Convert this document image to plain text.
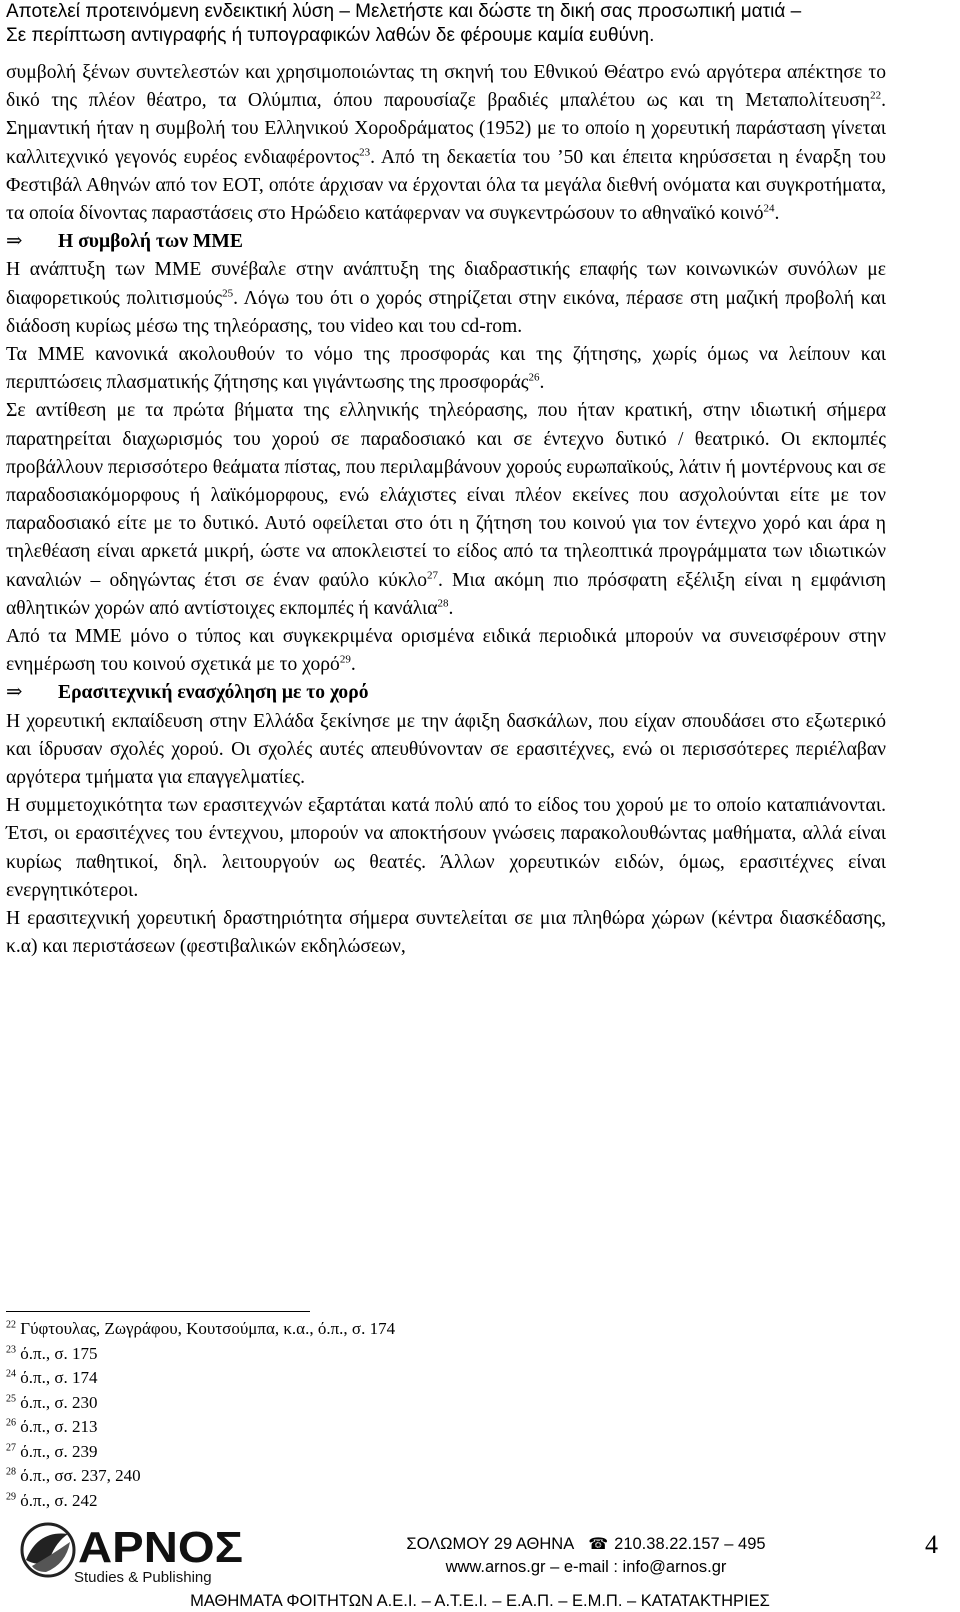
Αποτελεί προτεινόμενη ενδεικτική λύση – Μελετήστε και δώστε τη δική σας προσωπική ματιά –
Σε περίπτωση αντιγραφής ή τυπογραφικών λαθών δε φέρουμε καμία ευθύνη.

συμβολή ξένων συντελεστών και χρησιμοποιώντας τη σκηνή του Εθνικού Θέατρο ενώ αργότερα απέκτησε το δικό της πλέον θέατρο, τα Ολύμπια, όπου παρουσίαζε βραδιές μπαλέτου ως και τη Μεταπολίτευση$^{22}$. Σημαντική ήταν η συμβολή του Ελληνικού Χοροδράματος (1952) με το οποίο η χορευτική παράσταση γίνεται καλλιτεχνικό γεγονός ευρέος ενδιαφέροντος$^{23}$. Από τη δεκαετία του ’50 και έπειτα κηρύσσεται η έναρξη του Φεστιβάλ Αθηνών από τον ΕΟΤ, οπότε άρχισαν να έρχονται όλα τα μεγάλα διεθνή ονόματα και συγκροτήματα, τα οποία δίνοντας παραστάσεις στο Ηρώδειο κατάφερναν να συγκεντρώσουν το αθηναϊκό κοινό$^{24}$.

⇒ Η συμβολή των ΜΜΕ

Η ανάπτυξη των ΜΜΕ συνέβαλε στην ανάπτυξη της διαδραστικής επαφής των κοινωνικών συνόλων με διαφορετικούς πολιτισμούς$^{25}$. Λόγω του ότι ο χορός στηρίζεται στην εικόνα, πέρασε στη μαζική προβολή και διάδοση κυρίως μέσω της τηλεόρασης, του video και του cd-rom.

Τα ΜΜΕ κανονικά ακολουθούν το νόμο της προσφοράς και της ζήτησης, χωρίς όμως να λείπουν και περιπτώσεις πλασματικής ζήτησης και γιγάντωσης της προσφοράς$^{26}$.

Σε αντίθεση με τα πρώτα βήματα της ελληνικής τηλεόρασης, που ήταν κρατική, στην ιδιωτική σήμερα παρατηρείται διαχωρισμός του χορού σε παραδοσιακό και σε έντεχνο δυτικό / θεατρικό. Οι εκπομπές προβάλλουν περισσότερο θεάματα πίστας, που περιλαμβάνουν χορούς ευρωπαϊκούς, λάτιν ή μοντέρνους και σε παραδοσιακόμορφους ή λαϊκόμορφους, ενώ ελάχιστες είναι πλέον εκείνες που ασχολούνται είτε με τον παραδοσιακό είτε με το δυτικό. Αυτό οφείλεται στο ότι η ζήτηση του κοινού για τον έντεχνο χορό και άρα η τηλεθέαση είναι αρκετά μικρή, ώστε να αποκλειστεί το είδος από τα τηλεοπτικά προγράμματα των ιδιωτικών καναλιών – οδηγώντας έτσι σε έναν φαύλο κύκλο$^{27}$. Μια ακόμη πιο πρόσφατη εξέλιξη είναι η εμφάνιση αθλητικών χορών από αντίστοιχες εκπομπές ή κανάλια$^{28}$.

Από τα ΜΜΕ μόνο ο τύπος και συγκεκριμένα ορισμένα ειδικά περιοδικά μπορούν να συνεισφέρουν στην ενημέρωση του κοινού σχετικά με το χορό$^{29}$.

⇒ Ερασιτεχνική ενασχόληση με το χορό

Η χορευτική εκπαίδευση στην Ελλάδα ξεκίνησε με την άφιξη δασκάλων, που είχαν σπουδάσει στο εξωτερικό και ίδρυσαν σχολές χορού. Οι σχολές αυτές απευθύνονταν σε ερασιτέχνες, ενώ οι περισσότερες περιέλαβαν αργότερα τμήματα για επαγγελματίες.

Η συμμετοχικότητα των ερασιτεχνών εξαρτάται κατά πολύ από το είδος του χορού με το οποίο καταπιάνονται. Έτσι, οι ερασιτέχνες του έντεχνου, μπορούν να αποκτήσουν γνώσεις παρακολουθώντας μαθήματα, αλλά είναι κυρίως παθητικοί, δηλ. λειτουργούν ως θεατές. Άλλων χορευτικών ειδών, όμως, ερασιτέχνες είναι ενεργητικότεροι.

Η ερασιτεχνική χορευτική δραστηριότητα σήμερα συντελείται σε μια πληθώρα χώρων (κέντρα διασκέδασης, κ.α) και περιστάσεων (φεστιβαλικών εκδηλώσεων,

$^{22}$ Γύφτουλας, Ζωγράφου, Κουτσούμπα, κ.α., ό.π., σ. 174
$^{23}$ ό.π., σ. 175
$^{24}$ ό.π., σ. 174
$^{25}$ ό.π., σ. 230
$^{26}$ ό.π., σ. 213
$^{27}$ ό.π., σ. 239
$^{28}$ ό.π., σσ. 237, 240
$^{29}$ ό.π., σ. 242
ΑΡΝΟΣ
Studies & Publishing
ΣΟΛΩΜΟΥ 29 ΑΘΗΝΑ ☎ 210.38.22.157 – 495
www.arnos.gr – e-mail : info@arnos.gr
4
ΜΑΘΗΜΑΤΑ ΦΟΙΤΗΤΩΝ Α.Ε.Ι. – Α.Τ.Ε.Ι. – Ε.Α.Π. – Ε.Μ.Π. – ΚΑΤΑΤΑΚΤΗΡΙΕΣ
